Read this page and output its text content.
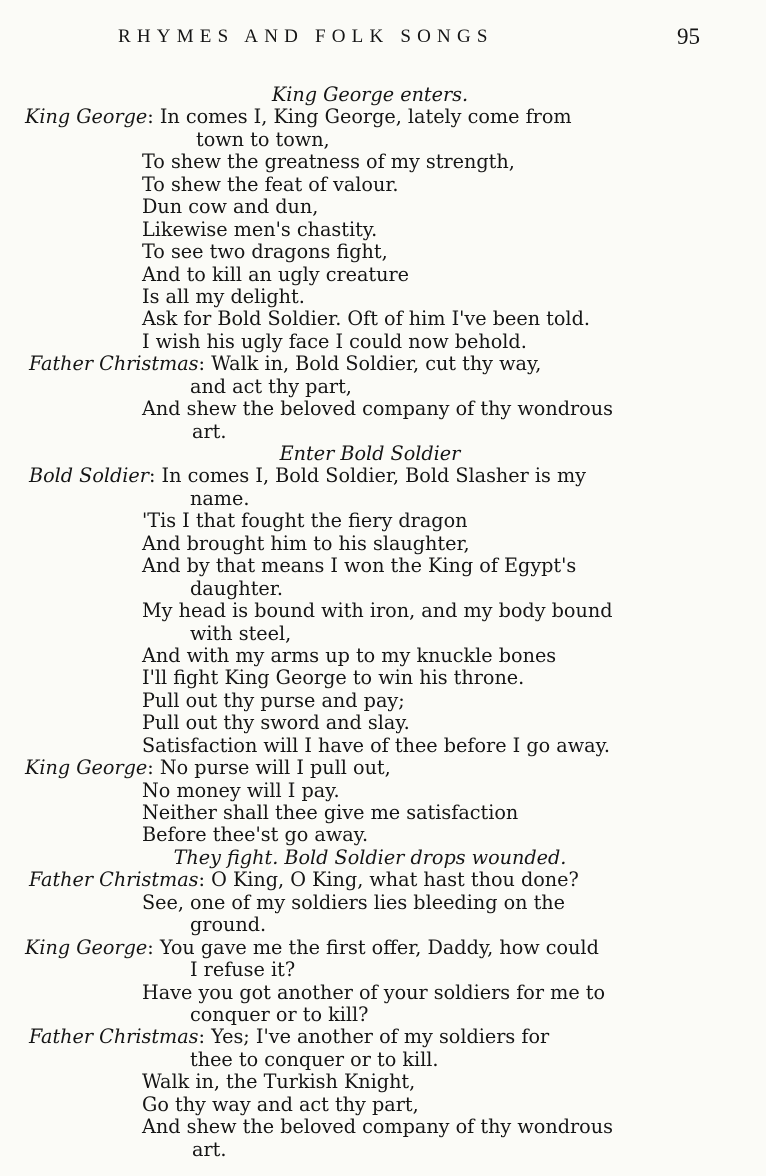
RHYMES AND FOLK SONGS	95
King George enters.
King George: In comes I, King George, lately come from
town to town,
To shew the greatness of my strength,
To shew the feat of valour.
Dun cow and dun,
Likewise men's chastity.
To see two dragons fight,
And to kill an ugly creature
Is all my delight.
Ask for Bold Soldier. Oft of him I've been told.
I wish his ugly face I could now behold.
Father Christmas: Walk in, Bold Soldier, cut thy way,
and act thy part,
And shew the beloved company of thy wondrous
art.
Enter Bold Soldier
Bold Soldier: In comes I, Bold Soldier, Bold Slasher is my
name.
'Tis I that fought the fiery dragon
And brought him to his slaughter,
And by that means I won the King of Egypt's
daughter.
My head is bound with iron, and my body bound
with steel,
And with my arms up to my knuckle bones
I'll fight King George to win his throne.
Pull out thy purse and pay;
Pull out thy sword and slay.
Satisfaction will I have of thee before I go away.
King George: No purse will I pull out,
No money will I pay.
Neither shall thee give me satisfaction
Before thee'st go away.
They fight. Bold Soldier drops wounded.
Father Christmas: O King, O King, what hast thou done?
See, one of my soldiers lies bleeding on the
ground.
King George: You gave me the first offer, Daddy, how could
I refuse it?
Have you got another of your soldiers for me to
conquer or to kill?
Father Christmas: Yes; I've another of my soldiers for
thee to conquer or to kill.
Walk in, the Turkish Knight,
Go thy way and act thy part,
And shew the beloved company of thy wondrous
art.
